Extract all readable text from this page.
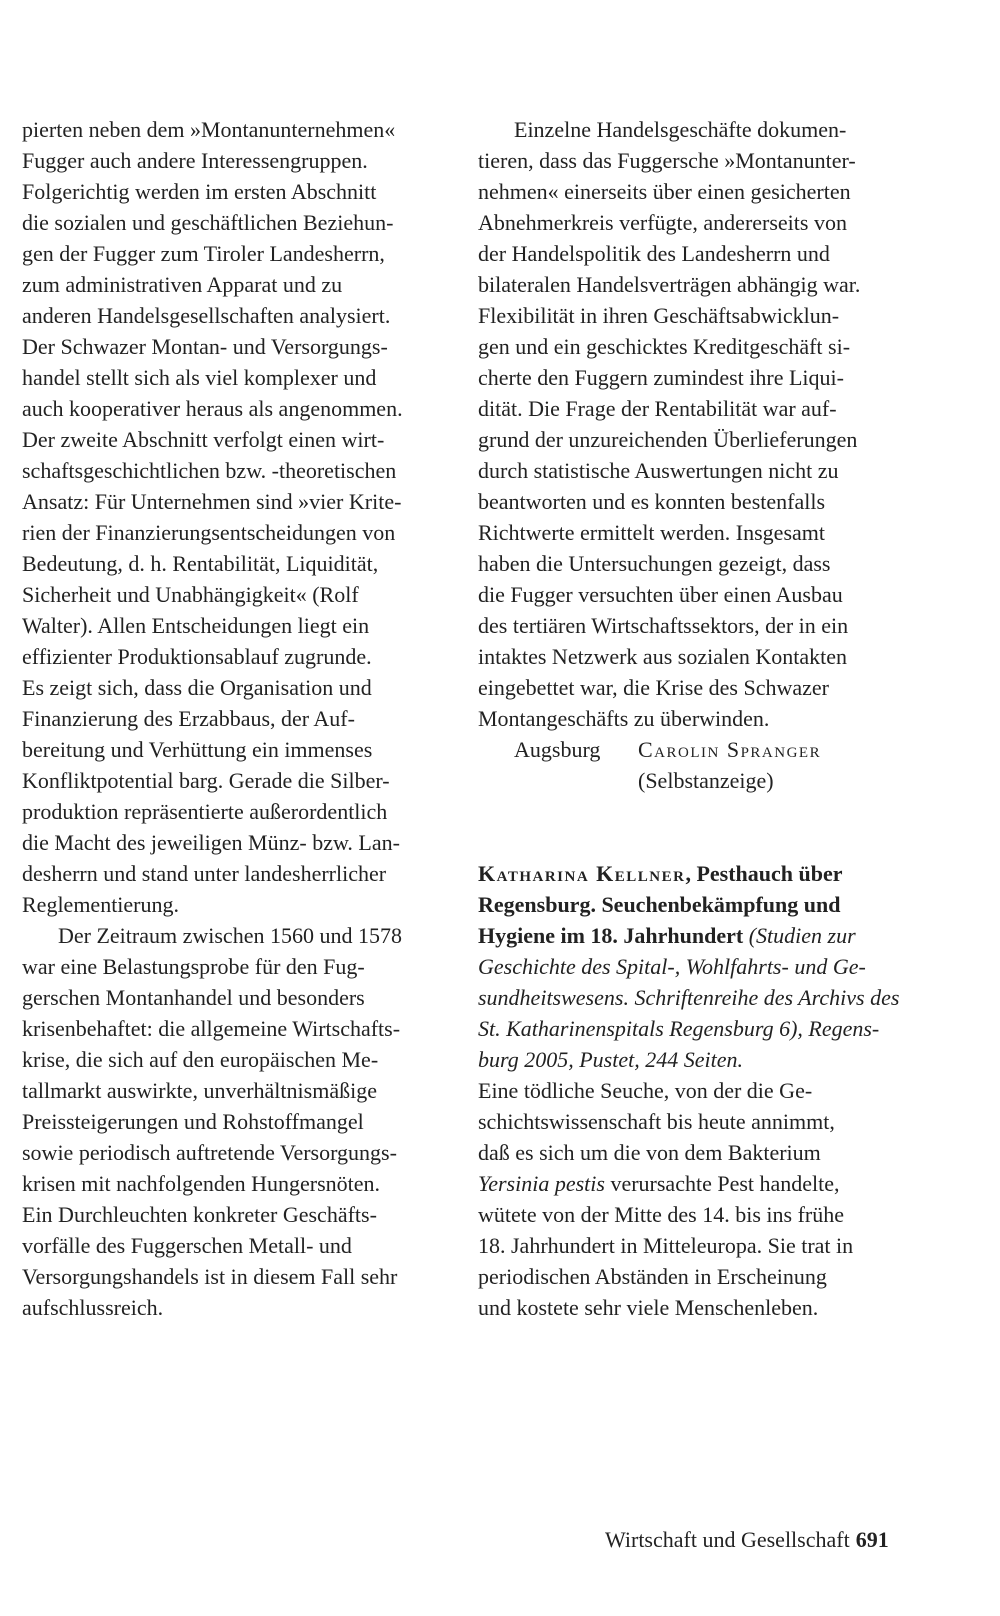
pierten neben dem »Montanunternehmen«
Fugger auch andere Interessengruppen.
Folgerichtig werden im ersten Abschnitt
die sozialen und geschäftlichen Beziehun-
gen der Fugger zum Tiroler Landesherrn,
zum administrativen Apparat und zu
anderen Handelsgesellschaften analysiert.
Der Schwazer Montan- und Versorgungs-
handel stellt sich als viel komplexer und
auch kooperativer heraus als angenommen.
Der zweite Abschnitt verfolgt einen wirt-
schaftsgeschichtlichen bzw. -theoretischen
Ansatz: Für Unternehmen sind »vier Krite-
rien der Finanzierungsentscheidungen von
Bedeutung, d. h. Rentabilität, Liquidität,
Sicherheit und Unabhängigkeit« (Rolf
Walter). Allen Entscheidungen liegt ein
effizienter Produktionsablauf zugrunde.
Es zeigt sich, dass die Organisation und
Finanzierung des Erzabbaus, der Auf-
bereitung und Verhüttung ein immenses
Konfliktpotential barg. Gerade die Silber-
produktion repräsentierte außerordentlich
die Macht des jeweiligen Münz- bzw. Lan-
desherrn und stand unter landesherrlicher
Reglementierung.
Der Zeitraum zwischen 1560 und 1578
war eine Belastungsprobe für den Fug-
gerschen Montanhandel und besonders
krisenbehaftet: die allgemeine Wirtschafts-
krise, die sich auf den europäischen Me-
tallmarkt auswirkte, unverhältnismäßige
Preissteigerungen und Rohstoffmangel
sowie periodisch auftretende Versorgungs-
krisen mit nachfolgenden Hungersnöten.
Ein Durchleuchten konkreter Geschäfts-
vorfälle des Fuggerschen Metall- und
Versorgungshandels ist in diesem Fall sehr
aufschlussreich.
Einzelne Handelsgeschäfte dokumen-
tieren, dass das Fuggersche »Montanunter-
nehmen« einerseits über einen gesicherten
Abnehmerkreis verfügte, andererseits von
der Handelspolitik des Landesherrn und
bilateralen Handelsverträgen abhängig war.
Flexibilität in ihren Geschäftsabwicklun-
gen und ein geschicktes Kreditgeschäft si-
cherte den Fuggern zumindest ihre Liqui-
dität. Die Frage der Rentabilität war auf-
grund der unzureichenden Überlieferungen
durch statistische Auswertungen nicht zu
beantworten und es konnten bestenfalls
Richtwerte ermittelt werden. Insgesamt
haben die Untersuchungen gezeigt, dass
die Fugger versuchten über einen Ausbau
des tertiären Wirtschaftssektors, der in ein
intaktes Netzwerk aus sozialen Kontakten
eingebettet war, die Krise des Schwazer
Montangeschäfts zu überwinden.
Augsburg Carolin Spranger
(Selbstanzeige)
Katharina Kellner, Pesthauch über
Regensburg. Seuchenbekämpfung und
Hygiene im 18. Jahrhundert (Studien zur
Geschichte des Spital-, Wohlfahrts- und Ge-
sundheitswesens. Schriftenreihe des Archivs des
St. Katharinenspitals Regensburg 6), Regens-
burg 2005, Pustet, 244 Seiten.
Eine tödliche Seuche, von der die Ge-
schichtswissenschaft bis heute annimmt,
daß es sich um die von dem Bakterium
Yersinia pestis verursachte Pest handelte,
wütete von der Mitte des 14. bis ins frühe
18. Jahrhundert in Mitteleuropa. Sie trat in
periodischen Abständen in Erscheinung
und kostete sehr viele Menschenleben.
Wirtschaft und Gesellschaft 691
